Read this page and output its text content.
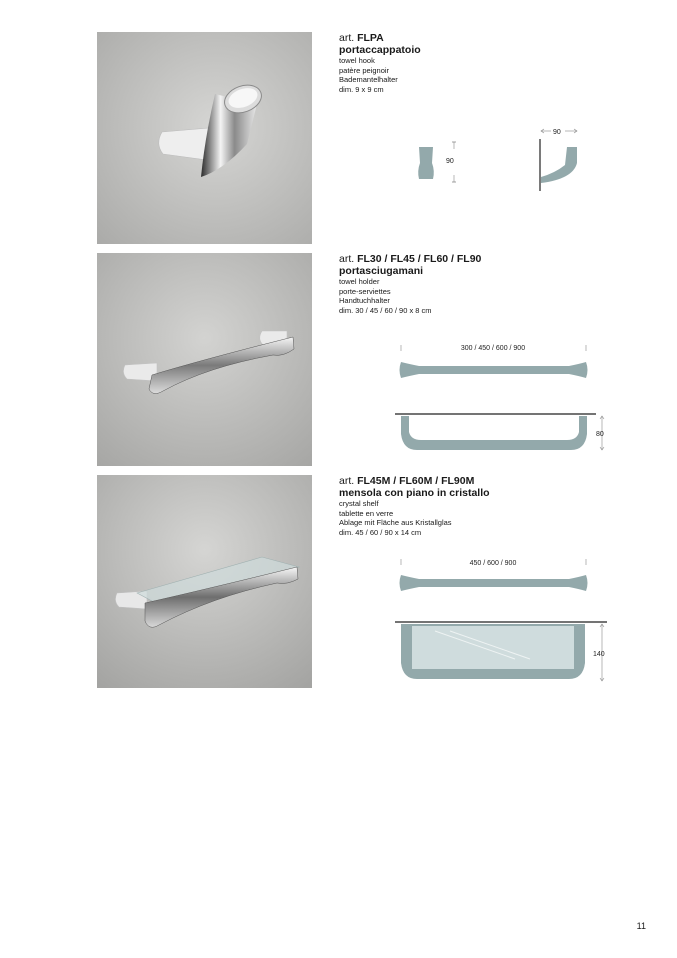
art. FLPA
portaccappatoio
towel hook
patère peignoir
Bademantelhalter
dim. 9 x 9 cm
90
90
art. FL30 / FL45 / FL60 / FL90
portasciugamani
towel holder
porte-serviettes
Handtuchhalter
dim. 30 / 45 / 60 / 90 x 8 cm
300 / 450 / 600 / 900
80
art. FL45M / FL60M / FL90M
mensola con piano in cristallo
crystal shelf
tablette en verre
Ablage mit Fläche aus Kristallglas
dim. 45 / 60 / 90 x 14 cm
450 / 600 / 900
140
11
